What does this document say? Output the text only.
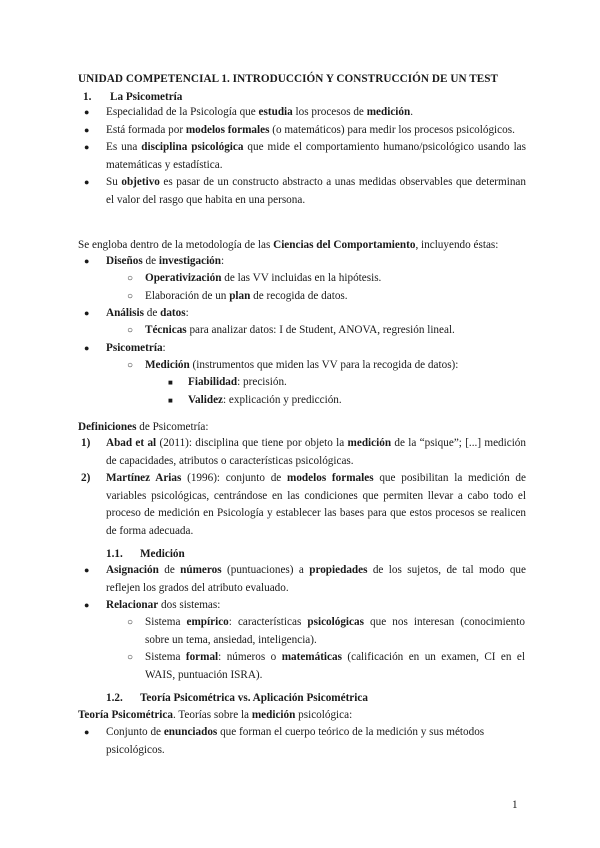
UNIDAD COMPETENCIAL 1. INTRODUCCIÓN Y CONSTRUCCIÓN DE UN TEST

1. La Psicometría

● Especialidad de la Psicología que estudia los procesos de medición.
● Está formada por modelos formales (o matemáticos) para medir los procesos psicológicos.
● Es una disciplina psicológica que mide el comportamiento humano/psicológico usando las matemáticas y estadística.
● Su objetivo es pasar de un constructo abstracto a unas medidas observables que determinan el valor del rasgo que habita en una persona.

Se engloba dentro de la metodología de las Ciencias del Comportamiento, incluyendo éstas:

● Diseños de investigación:
○ Operativización de las VV incluidas en la hipótesis.
○ Elaboración de un plan de recogida de datos.
● Análisis de datos:
○ Técnicas para analizar datos: I de Student, ANOVA, regresión lineal.
● Psicometría:
○ Medición (instrumentos que miden las VV para la recogida de datos):
■ Fiabilidad: precisión.
■ Validez: explicación y predicción.

Definiciones de Psicometría:

1) Abad et al (2011): disciplina que tiene por objeto la medición de la “psique”; [...] medición de capacidades, atributos o características psicológicas.
2) Martínez Arias (1996): conjunto de modelos formales que posibilitan la medición de variables psicológicas, centrándose en las condiciones que permiten llevar a cabo todo el proceso de medición en Psicología y establecer las bases para que estos procesos se realicen de forma adecuada.

1.1. Medición

● Asignación de números (puntuaciones) a propiedades de los sujetos, de tal modo que reflejen los grados del atributo evaluado.
● Relacionar dos sistemas:
○ Sistema empírico: características psicológicas que nos interesan (conocimiento sobre un tema, ansiedad, inteligencia).
○ Sistema formal: números o matemáticas (calificación en un examen, CI en el WAIS, puntuación ISRA).

1.2. Teoría Psicométrica vs. Aplicación Psicométrica

Teoría Psicométrica. Teorías sobre la medición psicológica:

● Conjunto de enunciados que forman el cuerpo teórico de la medición y sus métodos psicológicos.

1
